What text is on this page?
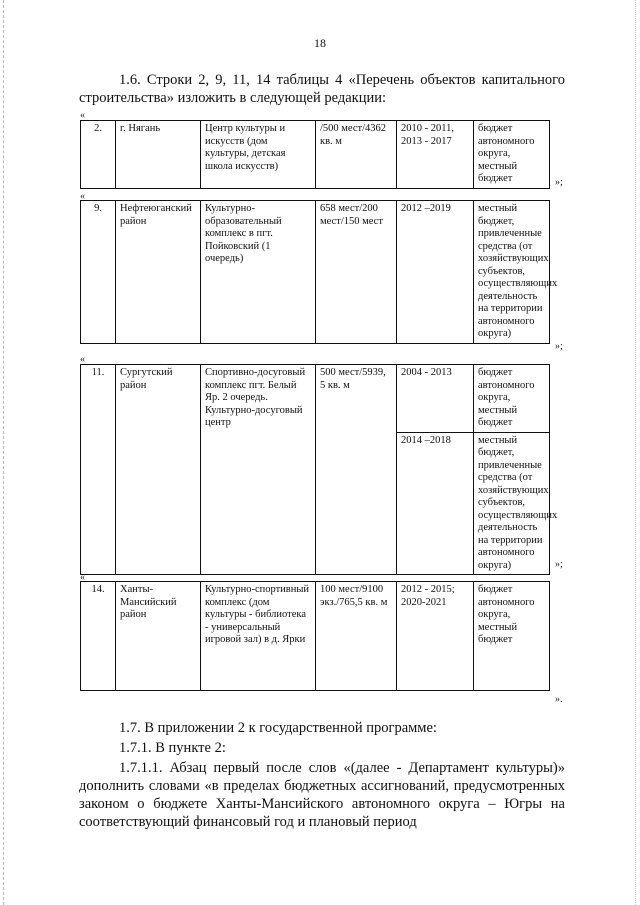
18
1.6. Строки 2, 9, 11, 14 таблицы 4 «Перечень объектов капитального строительства» изложить в следующей редакции:
«
2.	г. Нягань	Центр культуры и искусств (дом культуры, детская школа искусств)	/500 мест/4362 кв. м	2010 - 2011, 2013 - 2017	бюджет автономного округа, местный бюджет	»;
«
9.	Нефтеюганский район	Культурно-образовательный комплекс в пгт. Пойковский (1 очередь)	658 мест/200 мест/150 мест	2012 –2019	местный бюджет, привлеченные средства (от хозяйствующих субъектов, осуществляющих деятельность на территории автономного округа)
»;
«
11.	Сургутский район	Спортивно-досуговый комплекс пгт. Белый Яр. 2 очередь. Культурно-досуговый центр	500 мест/5939, 5 кв. м	2004 - 2013	бюджет автономного округа, местный бюджет
				2014 –2018	местный бюджет, привлеченные средства (от хозяйствующих субъектов, осуществляющих деятельность на территории автономного округа)	»;
«
14.	Ханты-Мансийский район	Культурно-спортивный комплекс (дом культуры - библиотека - универсальный игровой зал) в д. Ярки	100 мест/9100 экз./765,5 кв. м	2012 - 2015; 2020-2021	бюджет автономного округа, местный бюджет
».
1.7. В приложении 2 к государственной программе:
1.7.1. В пункте 2:
1.7.1.1. Абзац первый после слов «(далее - Департамент культуры)» дополнить словами «в пределах бюджетных ассигнований, предусмотренных законом о бюджете Ханты-Мансийского автономного округа – Югры на соответствующий финансовый год и плановый период
